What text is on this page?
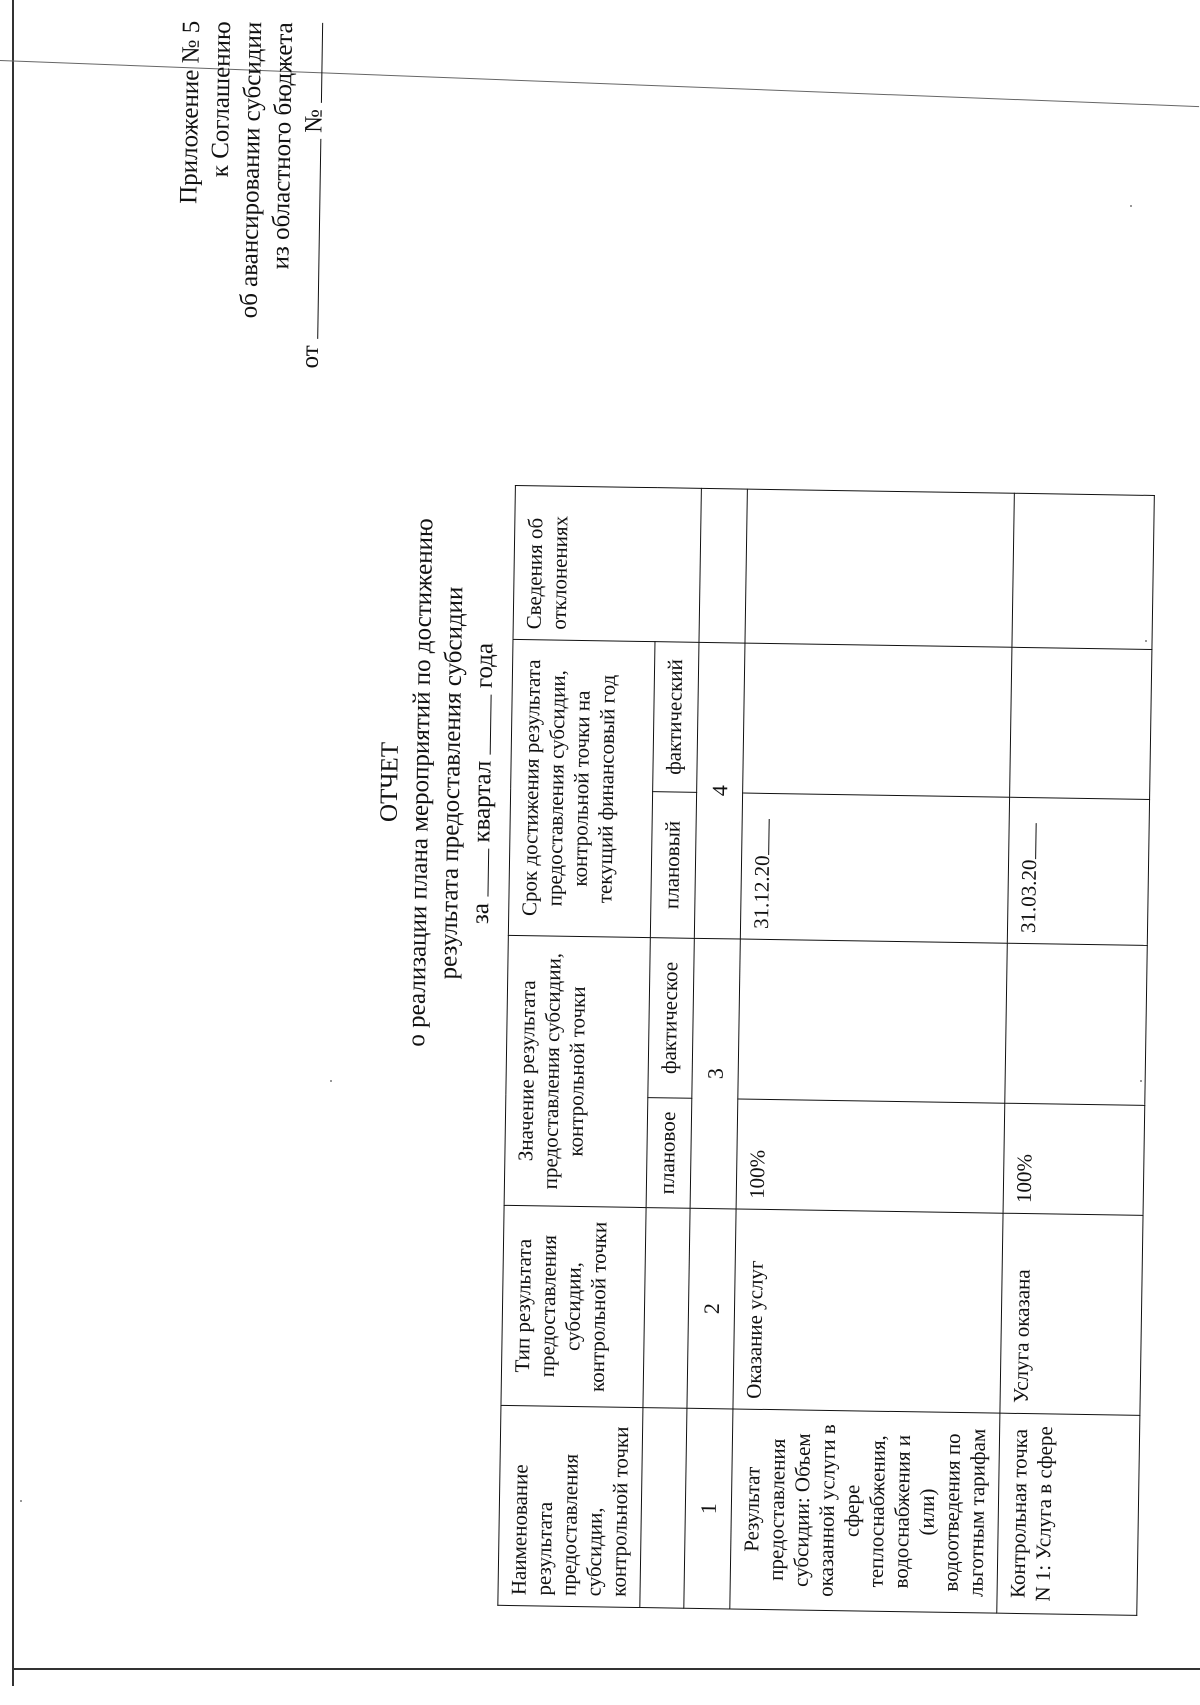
Приложение № 5 к Соглашению об авансировании субсидии из областного бюджета
от  №
ОТЧЕТ о реализации плана мероприятий по достижению
результата предоставления субсидии
за  квартал  года
Наименование результата предоставления субсидии, контрольной точки	Тип результата предоставления субсидии, контрольной точки	Значение результата предоставления субсидии, контрольной точки		Срок достижения результата предоставления субсидии, контрольной точки на текущий финансовый год		Сведения об отклонениях
		плановое	фактическое	плановый	фактический	
1	2	3		4		
Результат предоставления субсидии: Объем оказанной услуги в сфере теплоснабжения, водоснабжения и (или) водоотведения по льготным тарифам	Оказание услуг	100%		31.12.20		
Контрольная точка N 1: Услуга в сфере	Услуга оказана	100%		31.03.20		
